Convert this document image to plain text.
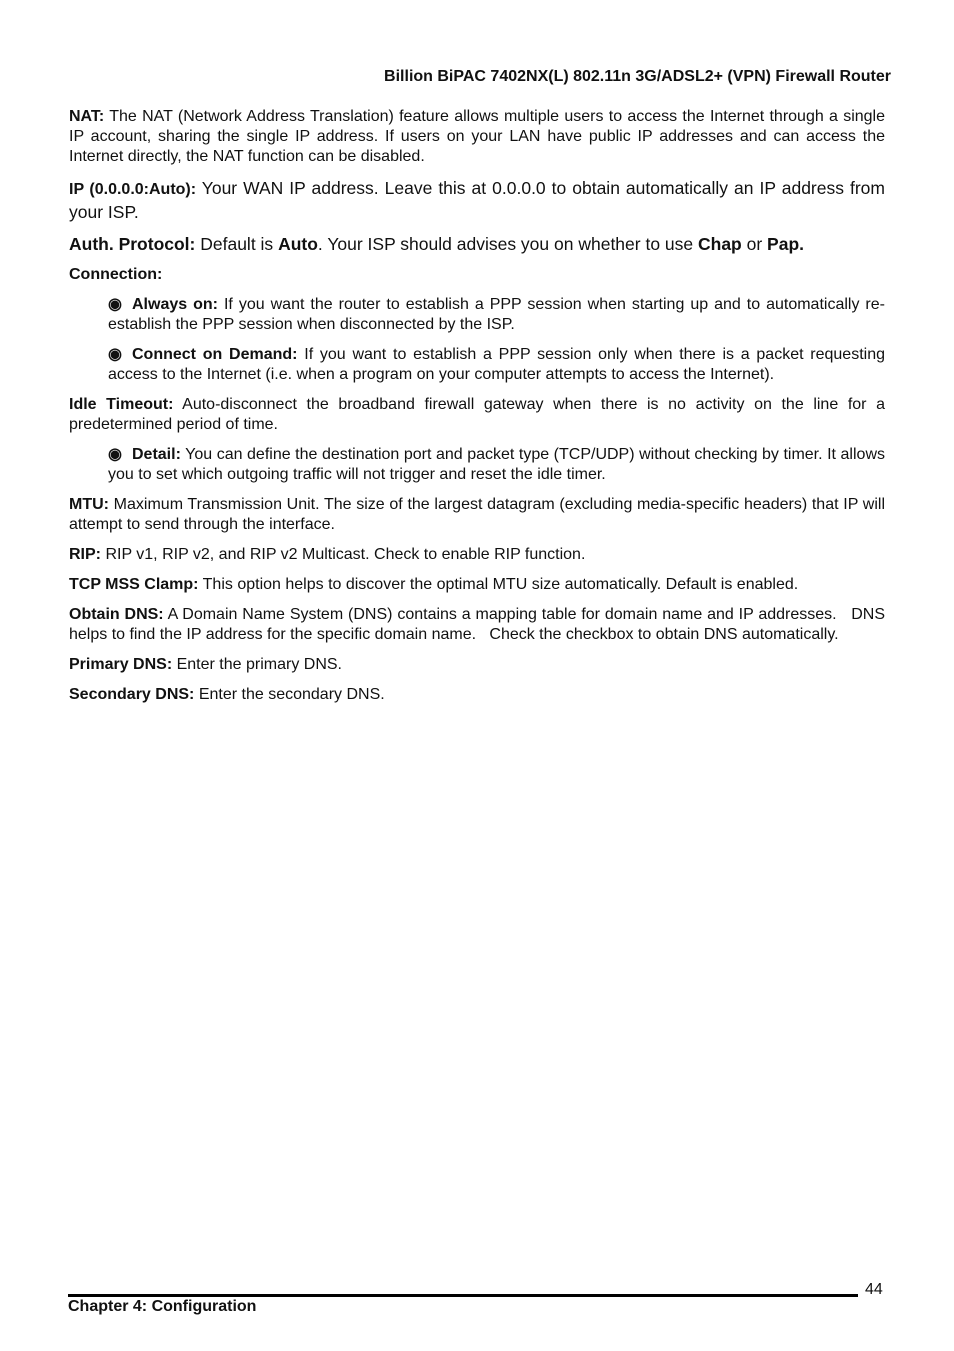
Billion BiPAC 7402NX(L) 802.11n 3G/ADSL2+ (VPN) Firewall Router

NAT: The NAT (Network Address Translation) feature allows multiple users to access the Internet through a single IP account, sharing the single IP address. If users on your LAN have public IP addresses and can access the Internet directly, the NAT function can be disabled.

IP (0.0.0.0:Auto): Your WAN IP address. Leave this at 0.0.0.0 to obtain automatically an IP address from your ISP.

Auth. Protocol: Default is Auto. Your ISP should advises you on whether to use Chap or Pap.

Connection:

◉ Always on: If you want the router to establish a PPP session when starting up and to automatically re-establish the PPP session when disconnected by the ISP.

◉ Connect on Demand: If you want to establish a PPP session only when there is a packet requesting access to the Internet (i.e. when a program on your computer attempts to access the Internet).

Idle Timeout: Auto-disconnect the broadband firewall gateway when there is no activity on the line for a predetermined period of time.

◉ Detail: You can define the destination port and packet type (TCP/UDP) without checking by timer. It allows you to set which outgoing traffic will not trigger and reset the idle timer.

MTU: Maximum Transmission Unit. The size of the largest datagram (excluding media-specific headers) that IP will attempt to send through the interface.

RIP: RIP v1, RIP v2, and RIP v2 Multicast. Check to enable RIP function.

TCP MSS Clamp: This option helps to discover the optimal MTU size automatically. Default is enabled.

Obtain DNS: A Domain Name System (DNS) contains a mapping table for domain name and IP addresses.   DNS helps to find the IP address for the specific domain name.   Check the checkbox to obtain DNS automatically.

Primary DNS: Enter the primary DNS.

Secondary DNS: Enter the secondary DNS.

44
Chapter 4: Configuration
